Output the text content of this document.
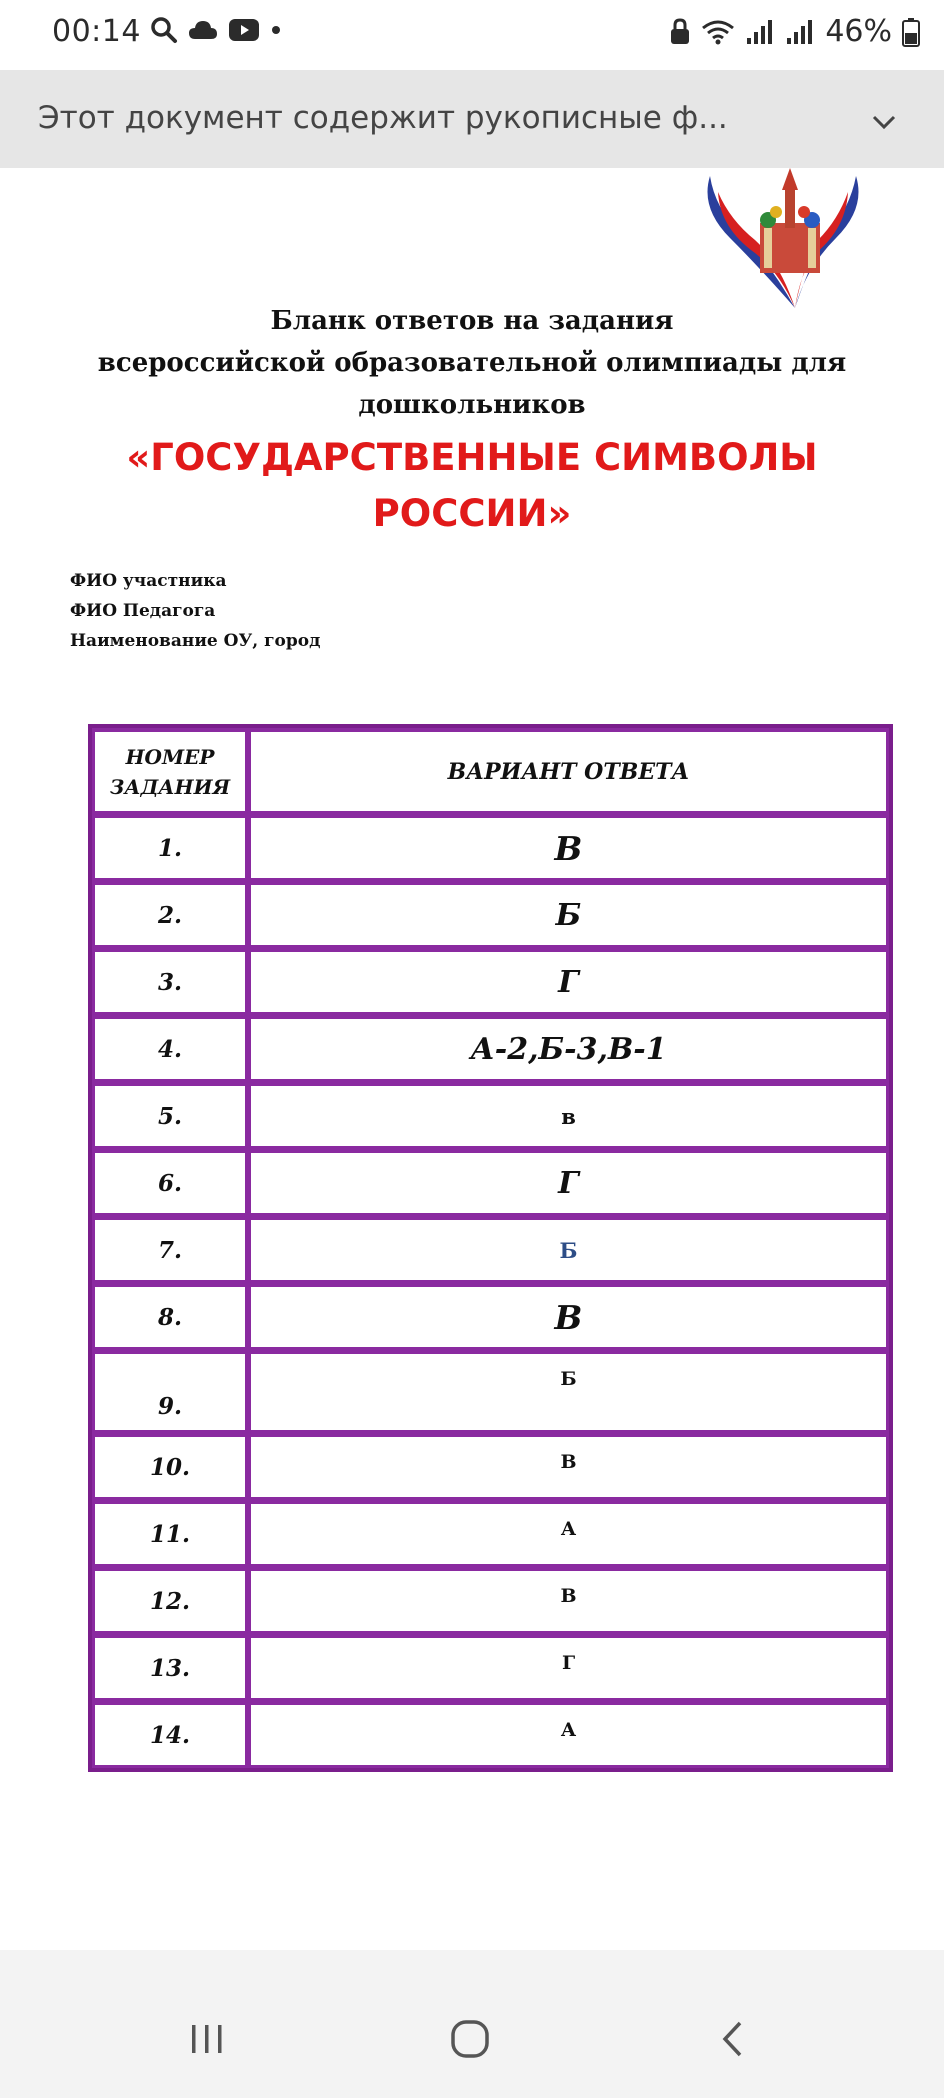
00:14	46%
Этот документ содержит рукописные ф...
Бланк ответов на задания
всероссийской образовательной олимпиады для
дошкольников
«ГОСУДАРСТВЕННЫЕ СИМВОЛЫ
РОССИИ»
ФИО участника
ФИО Педагога
Наименование ОУ, город
НОМЕР
ЗАДАНИЯ	ВАРИАНТ ОТВЕТА
1.	В
2.	Б
3.	Г
4.	А-2,Б-3,В-1
5.	в
6.	Г
7.	Б
8.	В
9.	Б
10.	В
11.	А
12.	В
13.	Г
14.	А
